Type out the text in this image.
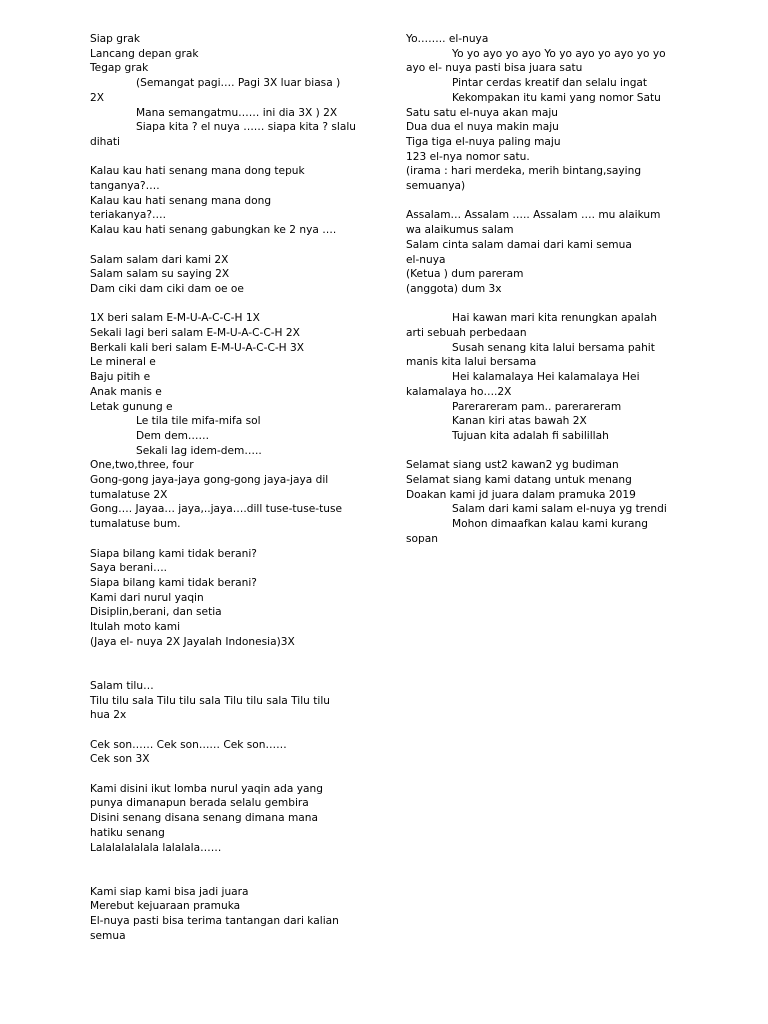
Siap grak
Lancang depan grak
Tegap grak
(Semangat pagi…. Pagi 3X luar biasa )
2X
Mana semangatmu…… ini dia 3X ) 2X
Siapa kita ? el nuya …… siapa kita ? slalu
dihati
Kalau kau hati senang mana dong tepuk
tanganya?….
Kalau kau hati senang mana dong
teriakanya?….
Kalau kau hati senang gabungkan ke 2 nya ….
Salam salam dari kami 2X
Salam salam su saying 2X
Dam ciki dam ciki dam oe oe
1X beri salam E-M-U-A-C-C-H 1X
Sekali lagi beri salam E-M-U-A-C-C-H 2X
Berkali kali beri salam E-M-U-A-C-C-H 3X
Le mineral e
Baju pitih e
Anak manis e
Letak gunung e
Le tila tile mifa-mifa sol
Dem dem……
Sekali lag idem-dem…..
One,two,three, four
Gong-gong jaya-jaya gong-gong jaya-jaya dil
tumalatuse 2X
Gong…. Jayaa… jaya,..jaya….dill tuse-tuse-tuse
tumalatuse bum.
Siapa bilang kami tidak berani?
Saya berani….
Siapa bilang kami tidak berani?
Kami dari nurul yaqin
Disiplin,berani, dan setia
Itulah moto kami
(Jaya el- nuya 2X Jayalah Indonesia)3X
Salam tilu…
Tilu tilu sala Tilu tilu sala Tilu tilu sala Tilu tilu
hua 2x
Cek son…… Cek son…… Cek son……
Cek son 3X
Kami disini ikut lomba nurul yaqin ada yang
punya dimanapun berada selalu gembira
Disini senang disana senang dimana mana
hatiku senang
Lalalalalalala lalalala……
Kami siap kami bisa jadi juara
Merebut kejuaraan pramuka
El-nuya pasti bisa terima tantangan dari kalian
semua
Yo…….. el-nuya
Yo yo ayo yo ayo Yo yo ayo yo ayo yo yo
ayo el- nuya pasti bisa juara satu
Pintar cerdas kreatif dan selalu ingat
Kekompakan itu kami yang nomor Satu
Satu satu el-nuya akan maju
Dua dua el nuya makin maju
Tiga tiga el-nuya paling maju
123 el-nya nomor satu.
(irama : hari merdeka, merih bintang,saying
semuanya)
Assalam… Assalam ….. Assalam …. mu alaikum
wa alaikumus salam
Salam cinta salam damai dari kami semua
el-nuya
(Ketua ) dum pareram
(anggota) dum 3x
Hai kawan mari kita renungkan apalah
arti sebuah perbedaan
Susah senang kita lalui bersama pahit
manis kita lalui bersama
Hei kalamalaya Hei kalamalaya Hei
kalamalaya ho….2X
Parerareram pam.. parerareram
Kanan kiri atas bawah 2X
Tujuan kita adalah fi sabilillah
Selamat siang ust2 kawan2 yg budiman
Selamat siang kami datang untuk menang
Doakan kami jd juara dalam pramuka 2019
Salam dari kami salam el-nuya yg trendi
Mohon dimaafkan kalau kami kurang
sopan
